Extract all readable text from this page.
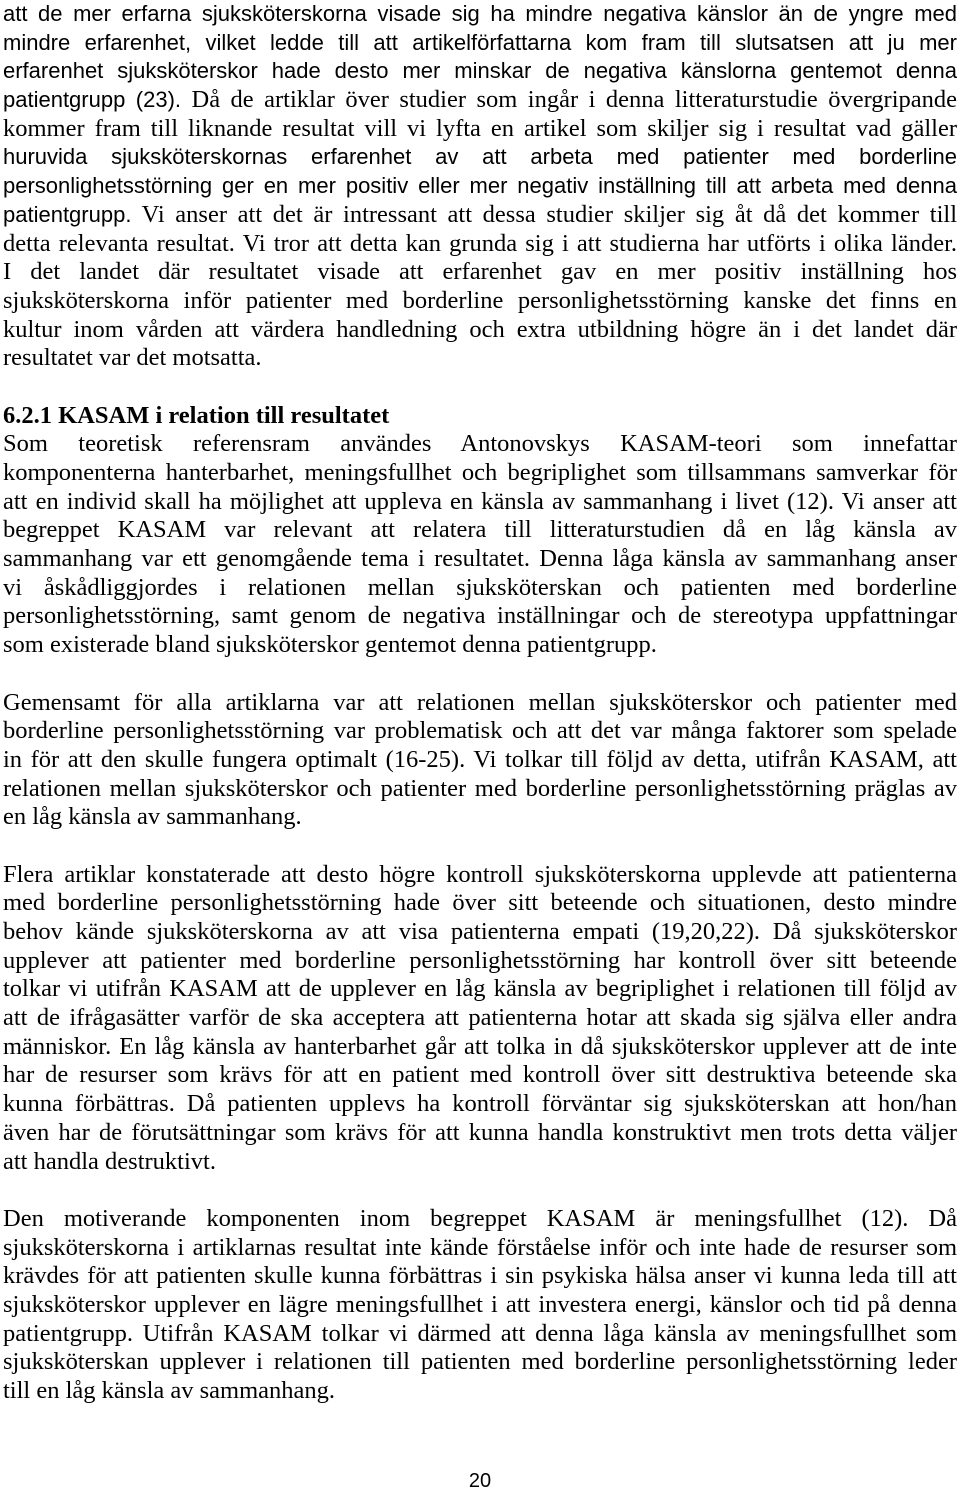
att de mer erfarna sjuksköterskorna visade sig ha mindre negativa känslor än de yngre med
mindre erfarenhet, vilket ledde till att artikelförfattarna kom fram till slutsatsen att ju mer
erfarenhet sjuksköterskor hade desto mer minskar de negativa känslorna gentemot denna
patientgrupp (23). Då de artiklar över studier som ingår i denna litteraturstudie övergripande
kommer fram till liknande resultat vill vi lyfta en artikel som skiljer sig i resultat vad gäller
huruvida sjuksköterskornas erfarenhet av att arbeta med patienter med borderline
personlighetsstörning ger en mer positiv eller mer negativ inställning till att arbeta med denna
patientgrupp. Vi anser att det är intressant att dessa studier skiljer sig åt då det kommer till
detta relevanta resultat. Vi tror att detta kan grunda sig i att studierna har utförts i olika länder.
I det landet där resultatet visade att erfarenhet gav en mer positiv inställning hos
sjuksköterskorna inför patienter med borderline personlighetsstörning kanske det finns en
kultur inom vården att värdera handledning och extra utbildning högre än i det landet där
resultatet var det motsatta.
6.2.1 KASAM i relation till resultatet
Som teoretisk referensram användes Antonovskys KASAM-teori som innefattar
komponenterna hanterbarhet, meningsfullhet och begriplighet som tillsammans samverkar för
att en individ skall ha möjlighet att uppleva en känsla av sammanhang i livet (12). Vi anser att
begreppet KASAM var relevant att relatera till litteraturstudien då en låg känsla av
sammanhang var ett genomgående tema i resultatet. Denna låga känsla av sammanhang anser
vi åskådliggjordes i relationen mellan sjuksköterskan och patienten med borderline
personlighetsstörning, samt genom de negativa inställningar och de stereotypa uppfattningar
som existerade bland sjuksköterskor gentemot denna patientgrupp.
Gemensamt för alla artiklarna var att relationen mellan sjuksköterskor och patienter med
borderline personlighetsstörning var problematisk och att det var många faktorer som spelade
in för att den skulle fungera optimalt (16-25). Vi tolkar till följd av detta, utifrån KASAM, att
relationen mellan sjuksköterskor och patienter med borderline personlighetsstörning präglas av
en låg känsla av sammanhang.
Flera artiklar konstaterade att desto högre kontroll sjuksköterskorna upplevde att patienterna
med borderline personlighetsstörning hade över sitt beteende och situationen, desto mindre
behov kände sjuksköterskorna av att visa patienterna empati (19,20,22). Då sjuksköterskor
upplever att patienter med borderline personlighetsstörning har kontroll över sitt beteende
tolkar vi utifrån KASAM att de upplever en låg känsla av begriplighet i relationen till följd av
att de ifrågasätter varför de ska acceptera att patienterna hotar att skada sig själva eller andra
människor. En låg känsla av hanterbarhet går att tolka in då sjuksköterskor upplever att de inte
har de resurser som krävs för att en patient med kontroll över sitt destruktiva beteende ska
kunna förbättras. Då patienten upplevs ha kontroll förväntar sig sjuksköterskan att hon/han
även har de förutsättningar som krävs för att kunna handla konstruktivt men trots detta väljer
att handla destruktivt.
Den motiverande komponenten inom begreppet KASAM är meningsfullhet (12). Då
sjuksköterskorna i artiklarnas resultat inte kände förståelse inför och inte hade de resurser som
krävdes för att patienten skulle kunna förbättras i sin psykiska hälsa anser vi kunna leda till att
sjuksköterskor upplever en lägre meningsfullhet i att investera energi, känslor och tid på denna
patientgrupp. Utifrån KASAM tolkar vi därmed att denna låga känsla av meningsfullhet som
sjuksköterskan upplever i relationen till patienten med borderline personlighetsstörning leder
till en låg känsla av sammanhang.
20
